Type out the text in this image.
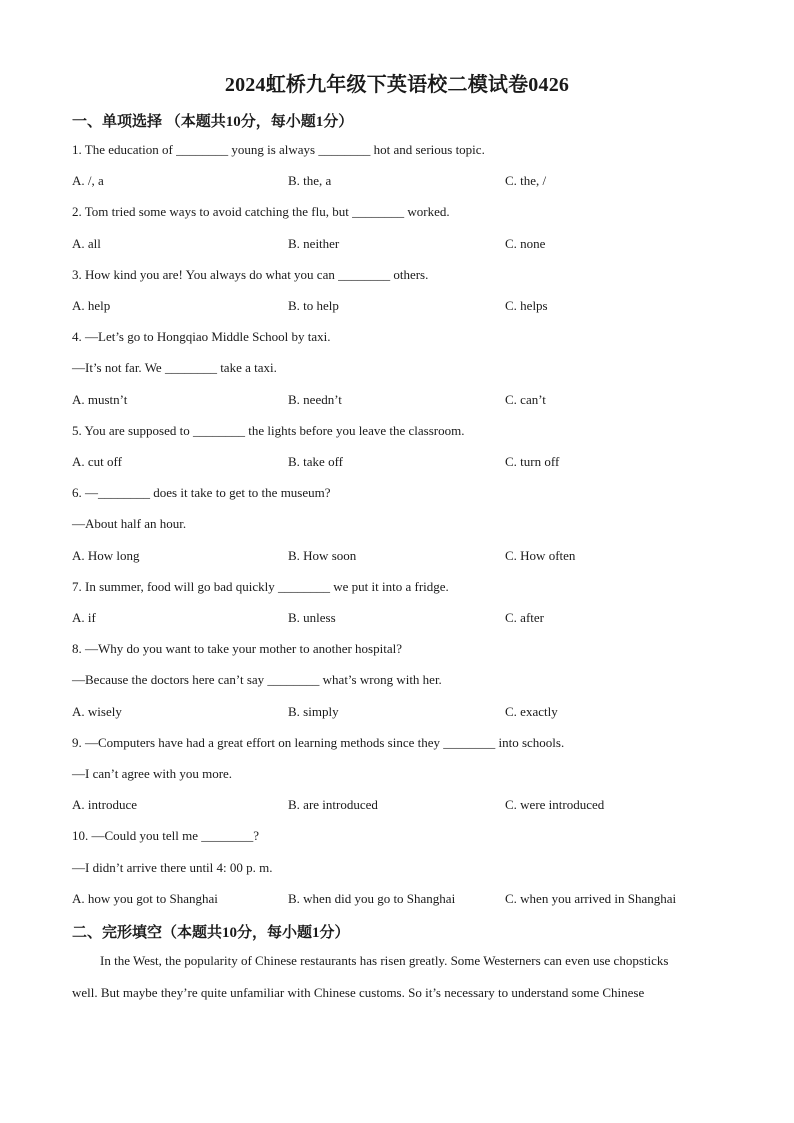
2024虹桥九年级下英语校二模试卷0426
一、单项选择 （本题共10分，每小题1分）
1. The education of ________ young is always ________ hot and serious topic.
A. /, a	B. the, a	C. the, /
2. Tom tried some ways to avoid catching the flu, but ________ worked.
A. all	B. neither	C. none
3. How kind you are! You always do what you can ________ others.
A. help	B. to help	C. helps
4. —Let’s go to Hongqiao Middle School by taxi.
—It’s not far. We ________ take a taxi.
A. mustn’t	B. needn’t	C. can’t
5. You are supposed to ________ the lights before you leave the classroom.
A. cut off	B. take off	C. turn off
6. —________ does it take to get to the museum?
—About half an hour.
A. How long	B. How soon	C. How often
7. In summer, food will go bad quickly ________ we put it into a fridge.
A. if	B. unless	C. after
8. —Why do you want to take your mother to another hospital?
—Because the doctors here can’t say ________ what’s wrong with her.
A. wisely	B. simply	C. exactly
9. —Computers have had a great effort on learning methods since they ________ into schools.
—I can’t agree with you more.
A. introduce	B. are introduced	C. were introduced
10. —Could you tell me ________?
—I didn’t arrive there until 4: 00 p. m.
A. how you got to Shanghai	B. when did you go to Shanghai	C. when you arrived in Shanghai
二、完形填空（本题共10分，每小题1分）
In the West, the popularity of Chinese restaurants has risen greatly. Some Westerners can even use chopsticks
well. But maybe they’re quite unfamiliar with Chinese customs. So it’s necessary to understand some Chinese
